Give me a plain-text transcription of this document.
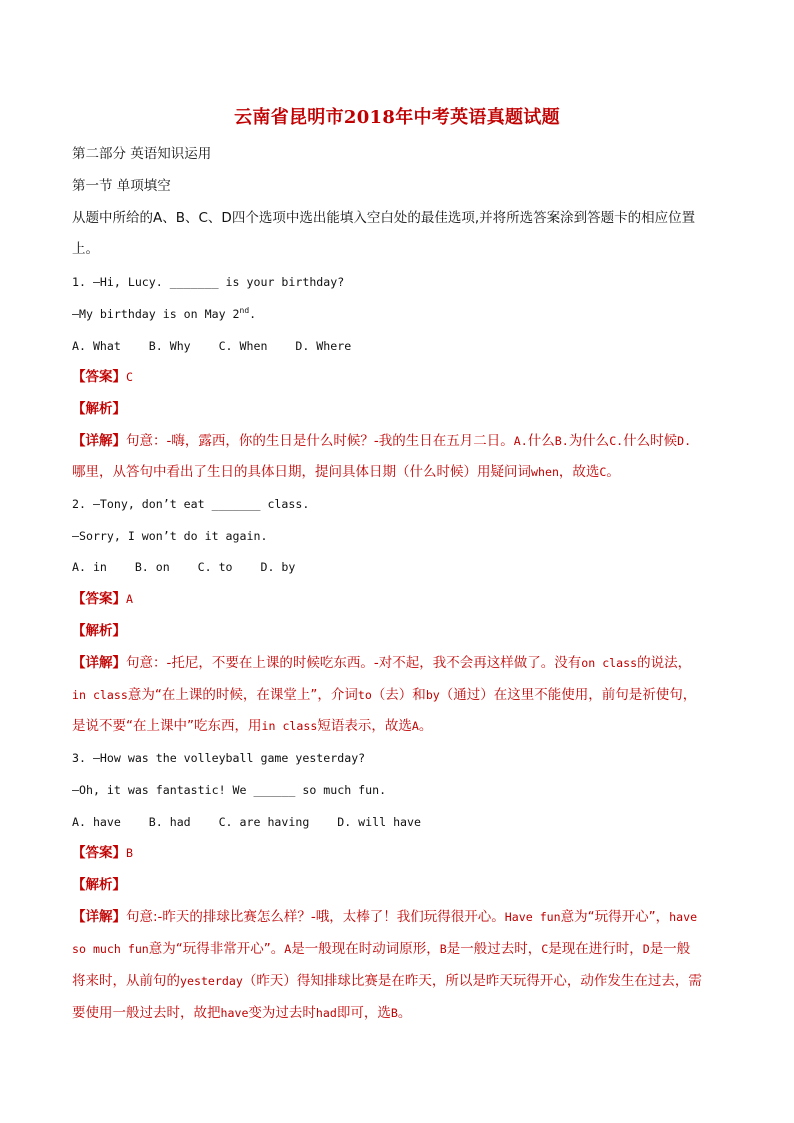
云南省昆明市2018年中考英语真题试题
第二部分 英语知识运用
第一节 单项填空
从题中所给的A、B、C、D四个选项中选出能填入空白处的最佳选项,并将所选答案涂到答题卡的相应位置
上。
1. —Hi, Lucy. _______ is your birthday?
—My birthday is on May 2nd.
A. What    B. Why    C. When    D. Where
【答案】C
【解析】
【详解】句意：-嗨，露西，你的生日是什么时候？-我的生日在五月二日。A.什么B.为什么C.什么时候D.
哪里，从答句中看出了生日的具体日期，提问具体日期（什么时候）用疑问词when，故选C。
2. —Tony, don’t eat _______ class.
—Sorry, I won’t do it again.
A. in    B. on    C. to    D. by
【答案】A
【解析】
【详解】句意：-托尼，不要在上课的时候吃东西。-对不起，我不会再这样做了。没有on class的说法，
in class意为“在上课的时候，在课堂上”，介词to（去）和by（通过）在这里不能使用，前句是祈使句，
是说不要“在上课中”吃东西，用in class短语表示，故选A。
3. —How was the volleyball game yesterday?
—Oh, it was fantastic! We ______ so much fun.
A. have    B. had    C. are having    D. will have
【答案】B
【解析】
【详解】句意:-昨天的排球比赛怎么样？-哦，太棒了！我们玩得很开心。Have fun意为“玩得开心”，have
so much fun意为“玩得非常开心”。A是一般现在时动词原形，B是一般过去时，C是现在进行时，D是一般
将来时，从前句的yesterday（昨天）得知排球比赛是在昨天，所以是昨天玩得开心，动作发生在过去，需
要使用一般过去时，故把have变为过去时had即可，选B。
